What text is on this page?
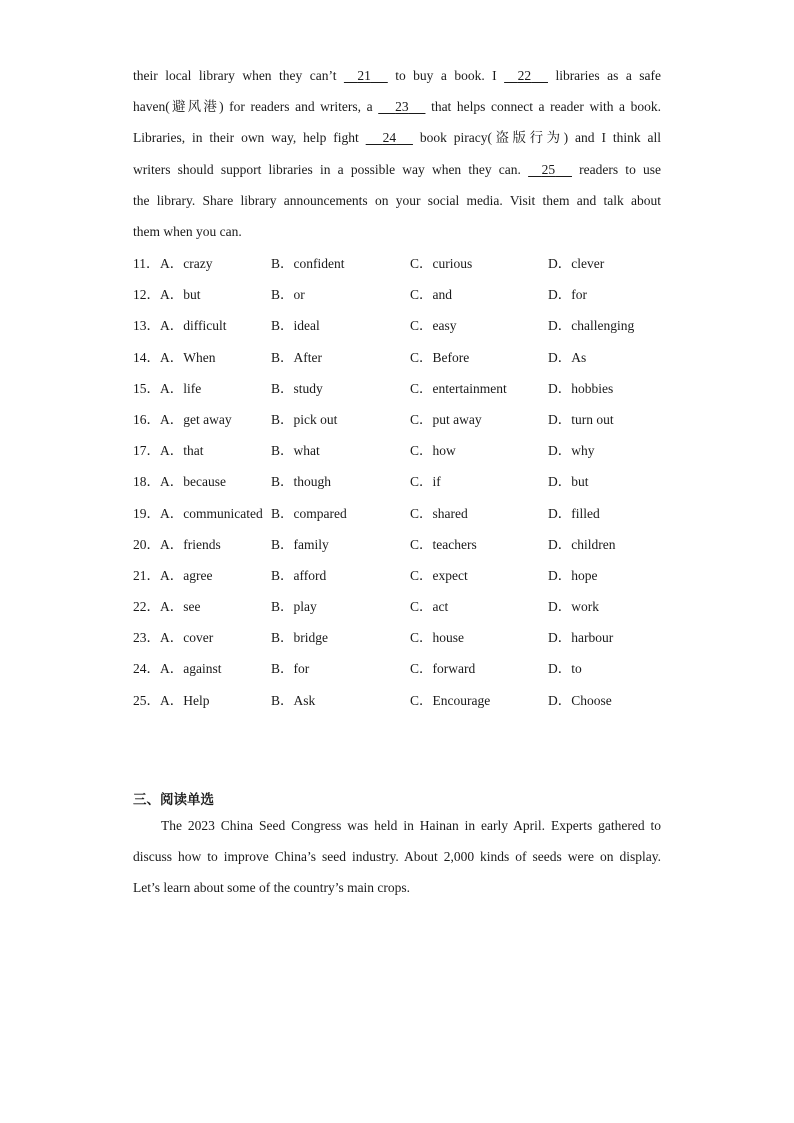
their local library when they can’t 21 to buy a book. I 22 libraries as a safe
haven(避风港) for readers and writers, a 23 that helps connect a reader with a book.
Libraries, in their own way, help fight 24 book piracy(盗版行为) and I think all
writers should support libraries in a possible way when they can. 25 readers to use
the library. Share library announcements on your social media. Visit them and talk about
them when you can.
11． A．crazy	B．confident	C．curious	D．clever
12． A．but	B．or	C．and	D．for
13． A．difficult	B．ideal	C．easy	D．challenging
14． A．When	B．After	C．Before	D．As
15． A．life	B．study	C．entertainment	D．hobbies
16． A．get away	B．pick out	C．put away	D．turn out
17． A．that	B．what	C．how	D．why
18． A．because	B．though	C．if	D．but
19． A．communicated B．compared	C．shared	D．filled
20． A．friends	B．family	C．teachers	D．children
21． A．agree	B．afford	C．expect	D．hope
22． A．see	B．play	C．act	D．work
23． A．cover	B．bridge	C．house	D．harbour
24． A．against	B．for	C．forward	D．to
25． A．Help	B．Ask	C．Encourage	D．Choose
三、阅读单选
The 2023 China Seed Congress was held in Hainan in early April. Experts gathered to
discuss how to improve China’s seed industry. About 2,000 kinds of seeds were on display.
Let’s learn about some of the country’s main crops.
